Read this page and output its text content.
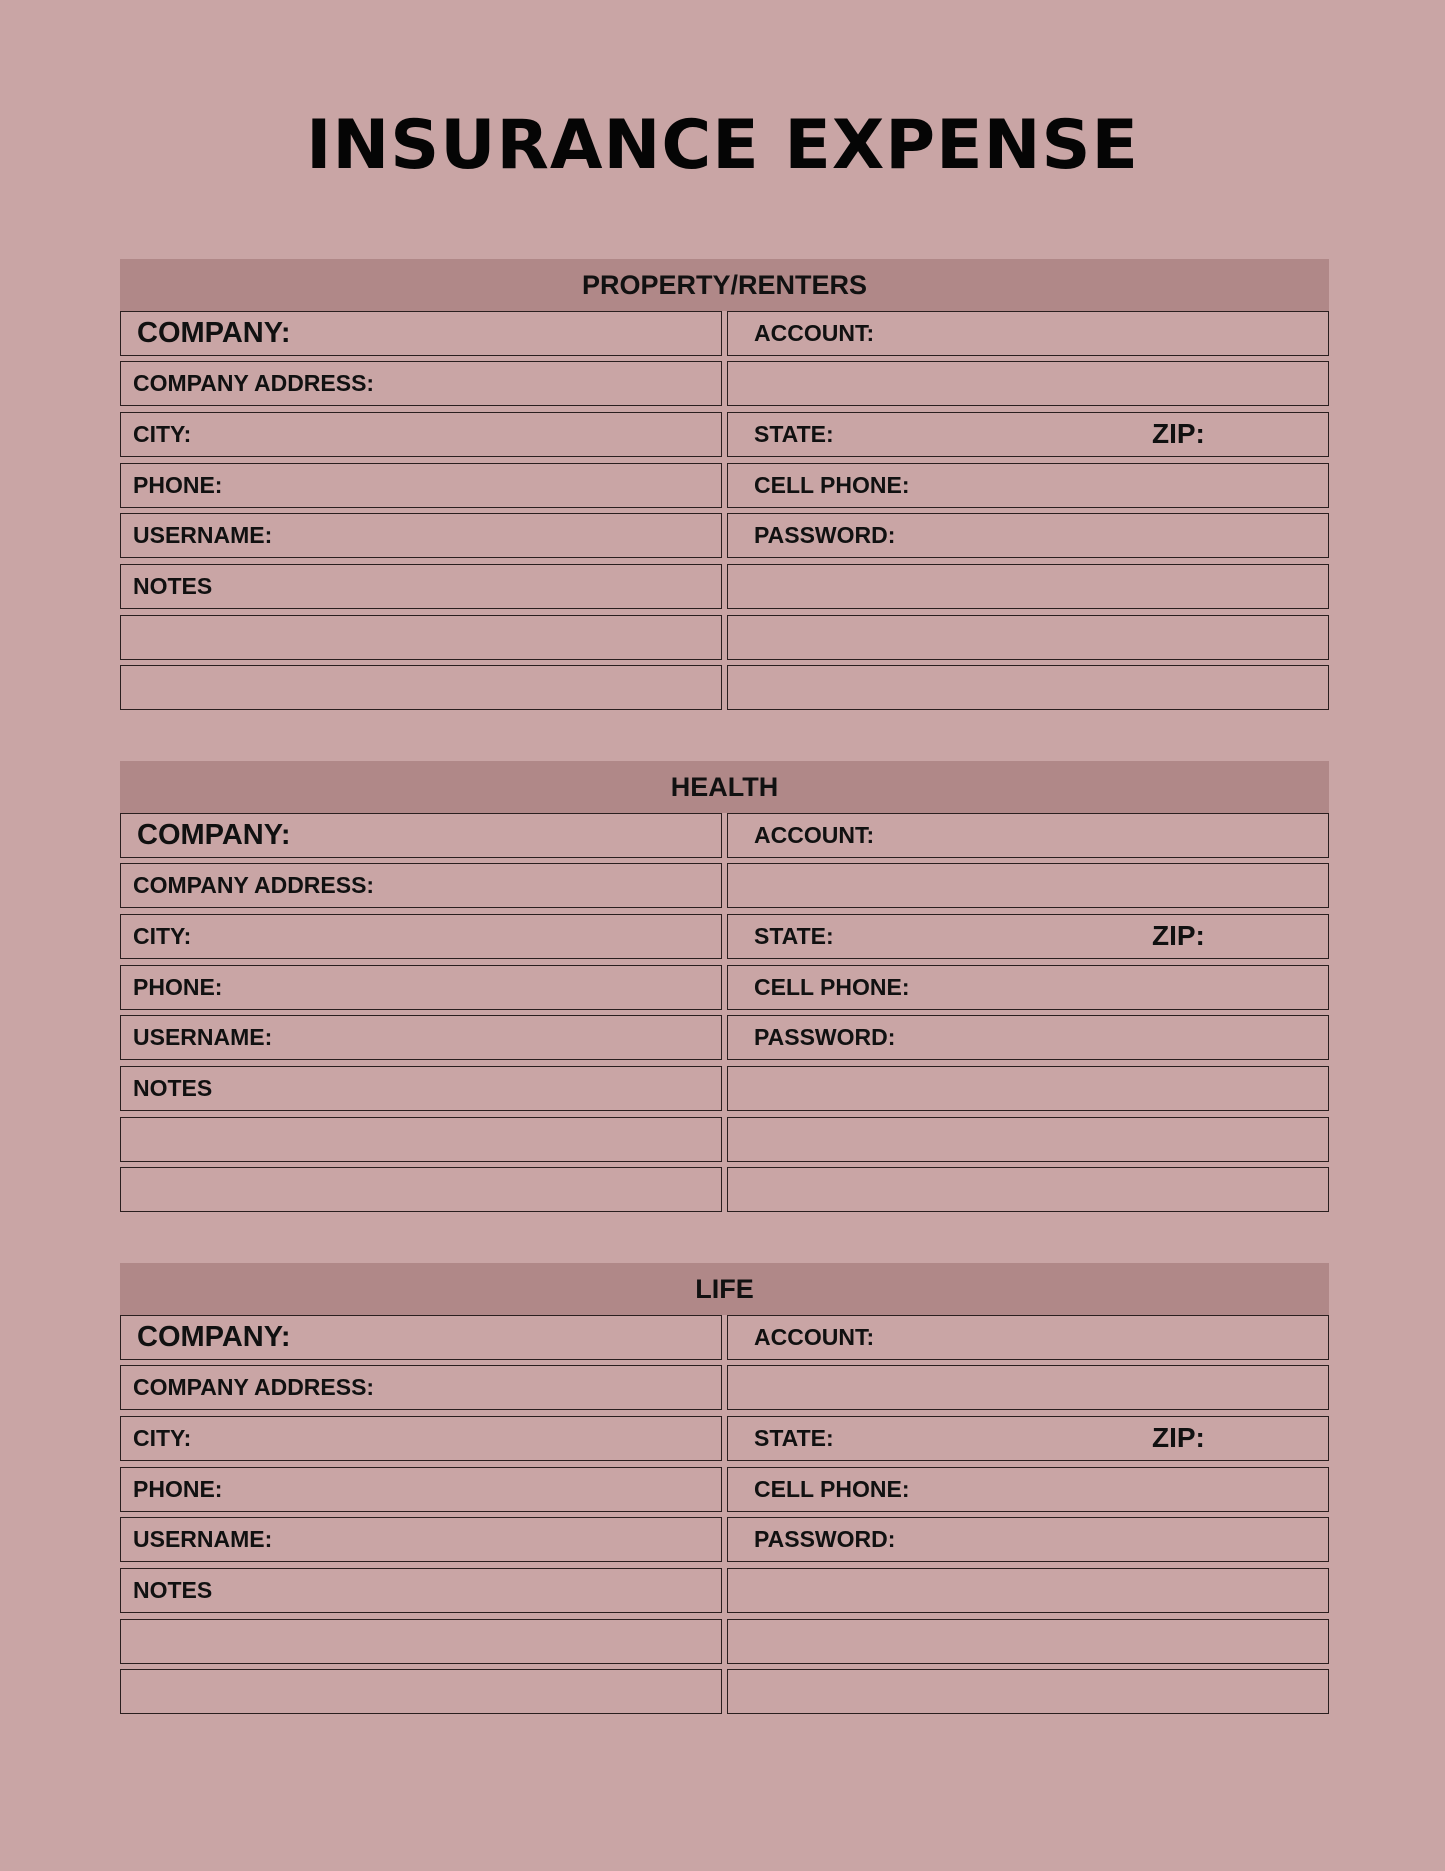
INSURANCE EXPENSE
PROPERTY/RENTERS
COMPANY:	ACCOUNT:
COMPANY ADDRESS:
CITY:	STATE:	ZIP:
PHONE:	CELL PHONE:
USERNAME:	PASSWORD:
NOTES
HEALTH
COMPANY:	ACCOUNT:
COMPANY ADDRESS:
CITY:	STATE:	ZIP:
PHONE:	CELL PHONE:
USERNAME:	PASSWORD:
NOTES
LIFE
COMPANY:	ACCOUNT:
COMPANY ADDRESS:
CITY:	STATE:	ZIP:
PHONE:	CELL PHONE:
USERNAME:	PASSWORD:
NOTES
